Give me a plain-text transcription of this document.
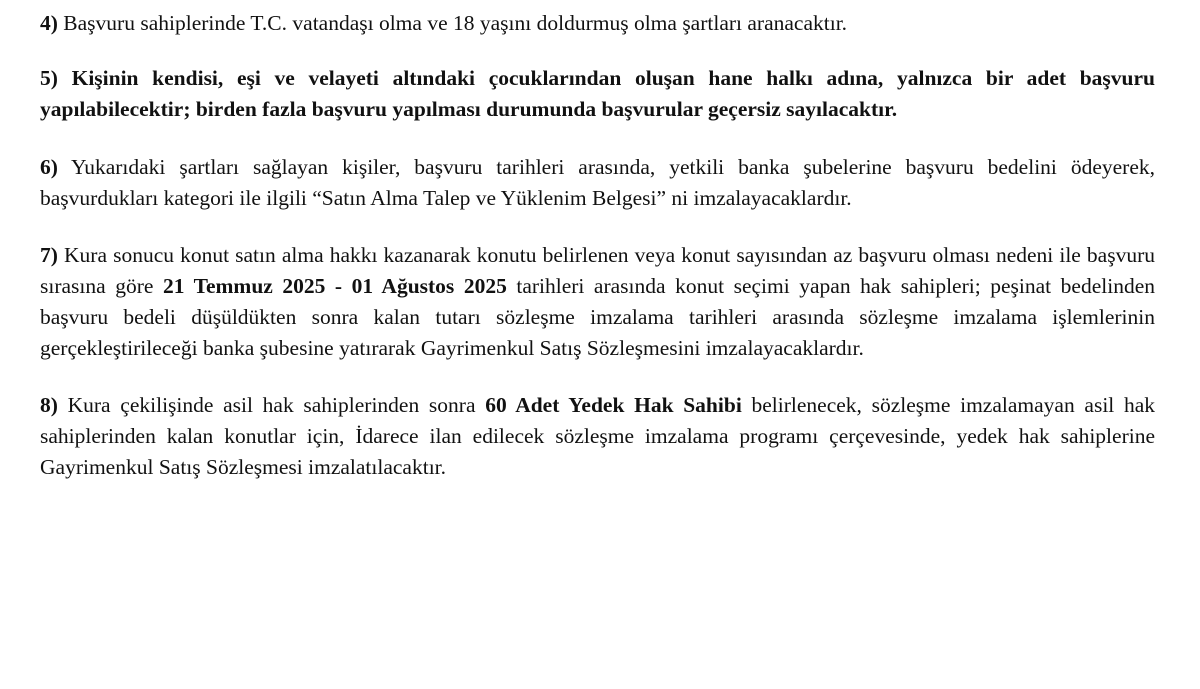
4) Başvuru sahiplerinde T.C. vatandaşı olma ve 18 yaşını doldurmuş olma şartları aranacaktır.

5) Kişinin kendisi, eşi ve velayeti altındaki çocuklarından oluşan hane halkı adına, yalnızca bir adet başvuru yapılabilecektir; birden fazla başvuru yapılması durumunda başvurular geçersiz sayılacaktır.

6) Yukarıdaki şartları sağlayan kişiler, başvuru tarihleri arasında, yetkili banka şubelerine başvuru bedelini ödeyerek, başvurdukları kategori ile ilgili “Satın Alma Talep ve Yüklenim Belgesi” ni imzalayacaklardır.

7) Kura sonucu konut satın alma hakkı kazanarak konutu belirlenen veya konut sayısından az başvuru olması nedeni ile başvuru sırasına göre 21 Temmuz 2025 - 01 Ağustos 2025 tarihleri arasında konut seçimi yapan hak sahipleri; peşinat bedelinden başvuru bedeli düşüldükten sonra kalan tutarı sözleşme imzalama tarihleri arasında sözleşme imzalama işlemlerinin gerçekleştirileceği banka şubesine yatırarak Gayrimenkul Satış Sözleşmesini imzalayacaklardır.

8) Kura çekilişinde asil hak sahiplerinden sonra 60 Adet Yedek Hak Sahibi belirlenecek, sözleşme imzalamayan asil hak sahiplerinden kalan konutlar için, İdarece ilan edilecek sözleşme imzalama programı çerçevesinde, yedek hak sahiplerine Gayrimenkul Satış Sözleşmesi imzalatılacaktır.
